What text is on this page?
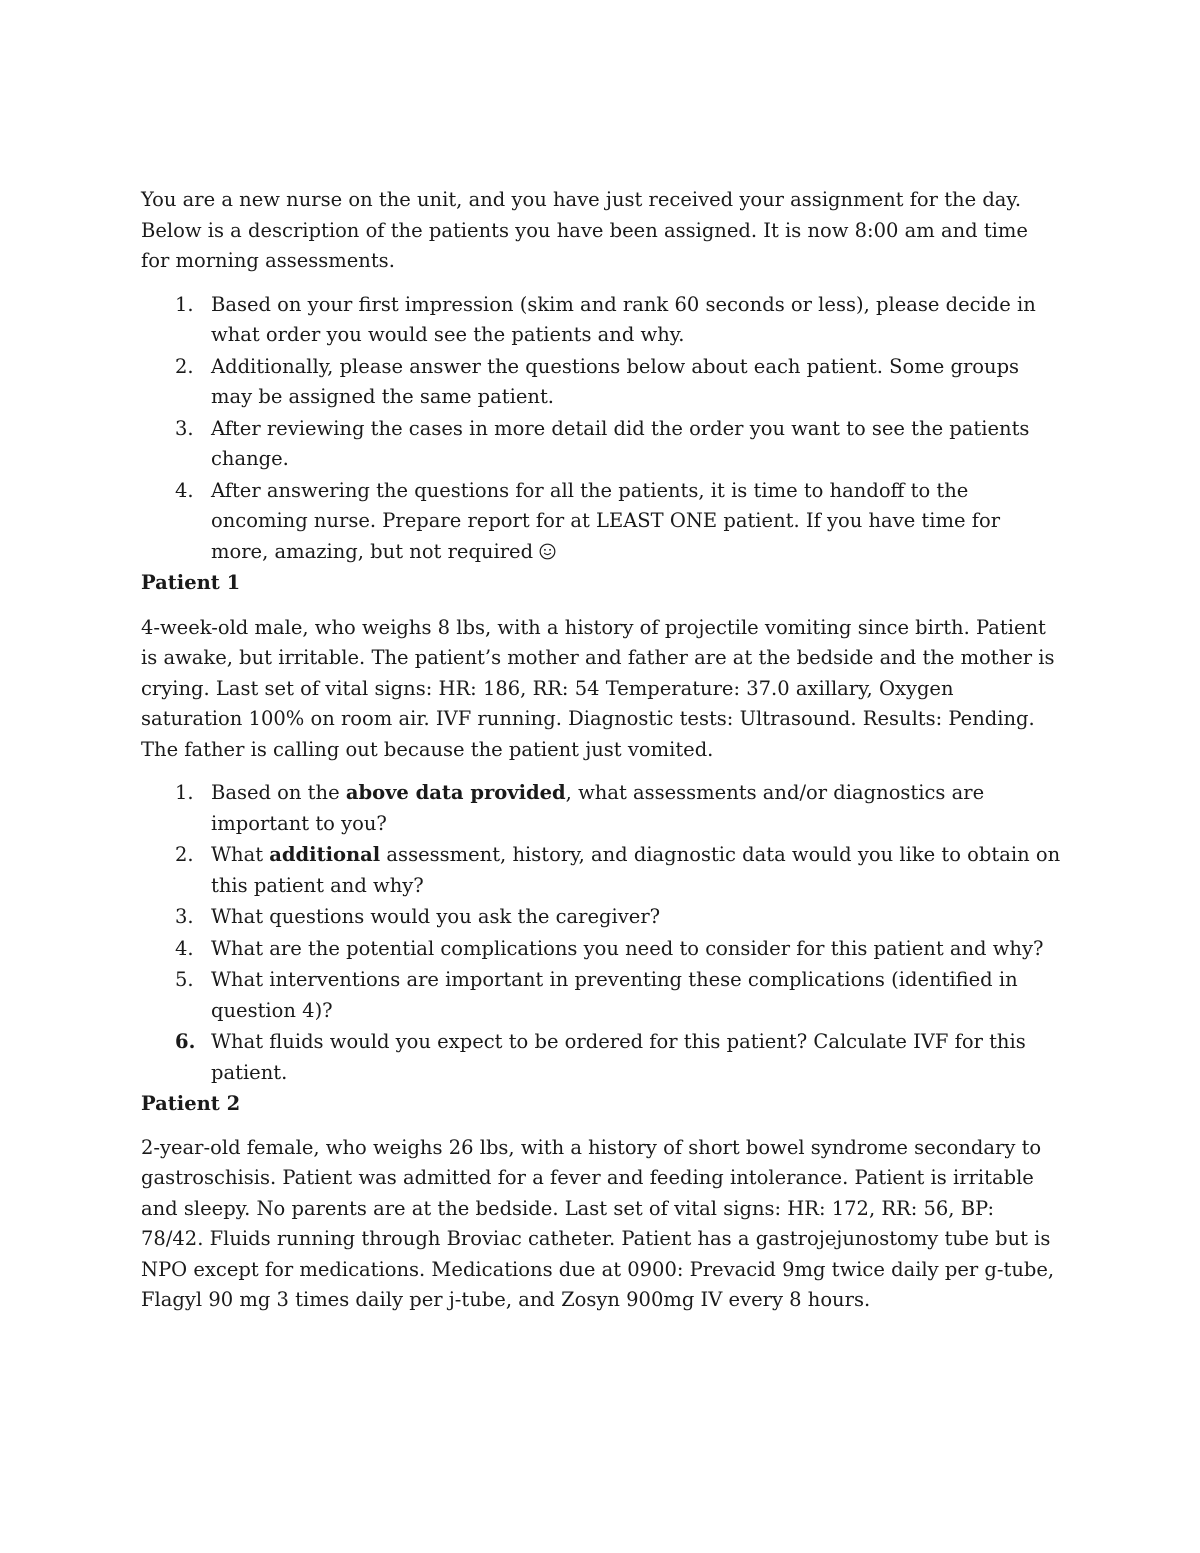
You are a new nurse on the unit, and you have just received your assignment for the day. Below is a description of the patients you have been assigned. It is now 8:00 am and time for morning assessments.

1. Based on your first impression (skim and rank 60 seconds or less), please decide in what order you would see the patients and why.
2. Additionally, please answer the questions below about each patient. Some groups may be assigned the same patient.
3. After reviewing the cases in more detail did the order you want to see the patients change.
4. After answering the questions for all the patients, it is time to handoff to the oncoming nurse. Prepare report for at LEAST ONE patient. If you have time for more, amazing, but not required

Patient 1

4-week-old male, who weighs 8 lbs, with a history of projectile vomiting since birth. Patient is awake, but irritable. The patient’s mother and father are at the bedside and the mother is crying. Last set of vital signs: HR: 186, RR: 54 Temperature: 37.0 axillary, Oxygen saturation 100% on room air. IVF running. Diagnostic tests: Ultrasound. Results: Pending. The father is calling out because the patient just vomited.

1. Based on the above data provided, what assessments and/or diagnostics are important to you?
2. What additional assessment, history, and diagnostic data would you like to obtain on this patient and why?
3. What questions would you ask the caregiver?
4. What are the potential complications you need to consider for this patient and why?
5. What interventions are important in preventing these complications (identified in question 4)?
6. What fluids would you expect to be ordered for this patient? Calculate IVF for this patient.

Patient 2

2-year-old female, who weighs 26 lbs, with a history of short bowel syndrome secondary to gastroschisis. Patient was admitted for a fever and feeding intolerance. Patient is irritable and sleepy. No parents are at the bedside. Last set of vital signs: HR: 172, RR: 56, BP: 78/42. Fluids running through Broviac catheter. Patient has a gastrojejunostomy tube but is NPO except for medications. Medications due at 0900: Prevacid 9mg twice daily per g-tube, Flagyl 90 mg 3 times daily per j-tube, and Zosyn 900mg IV every 8 hours.
